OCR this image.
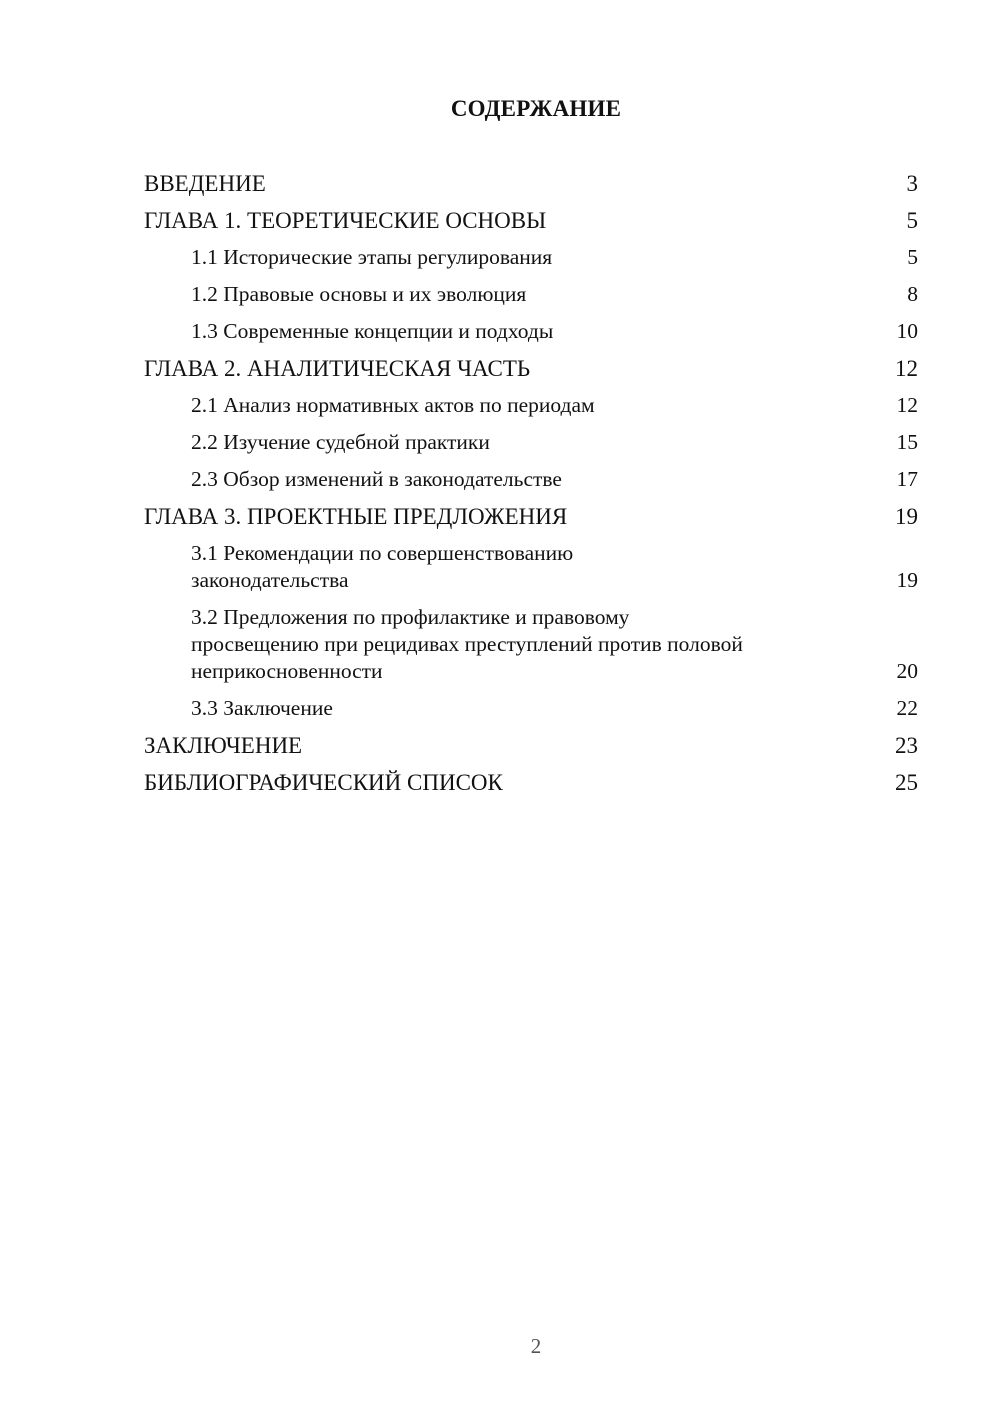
СОДЕРЖАНИЕ
ВВЕДЕНИЕ	3
ГЛАВА 1. ТЕОРЕТИЧЕСКИЕ ОСНОВЫ	5
1.1 Исторические этапы регулирования	5
1.2 Правовые основы и их эволюция	8
1.3 Современные концепции и подходы	10
ГЛАВА 2. АНАЛИТИЧЕСКАЯ ЧАСТЬ	12
2.1 Анализ нормативных актов по периодам	12
2.2 Изучение судебной практики	15
2.3 Обзор изменений в законодательстве	17
ГЛАВА 3. ПРОЕКТНЫЕ ПРЕДЛОЖЕНИЯ	19
3.1 Рекомендации по совершенствованию законодательства	19
3.2 Предложения по профилактике и правовому просвещению при рецидивах преступлений против половой неприкосновенности	20
3.3 Заключение	22
ЗАКЛЮЧЕНИЕ	23
БИБЛИОГРАФИЧЕСКИЙ СПИСОК	25
2
